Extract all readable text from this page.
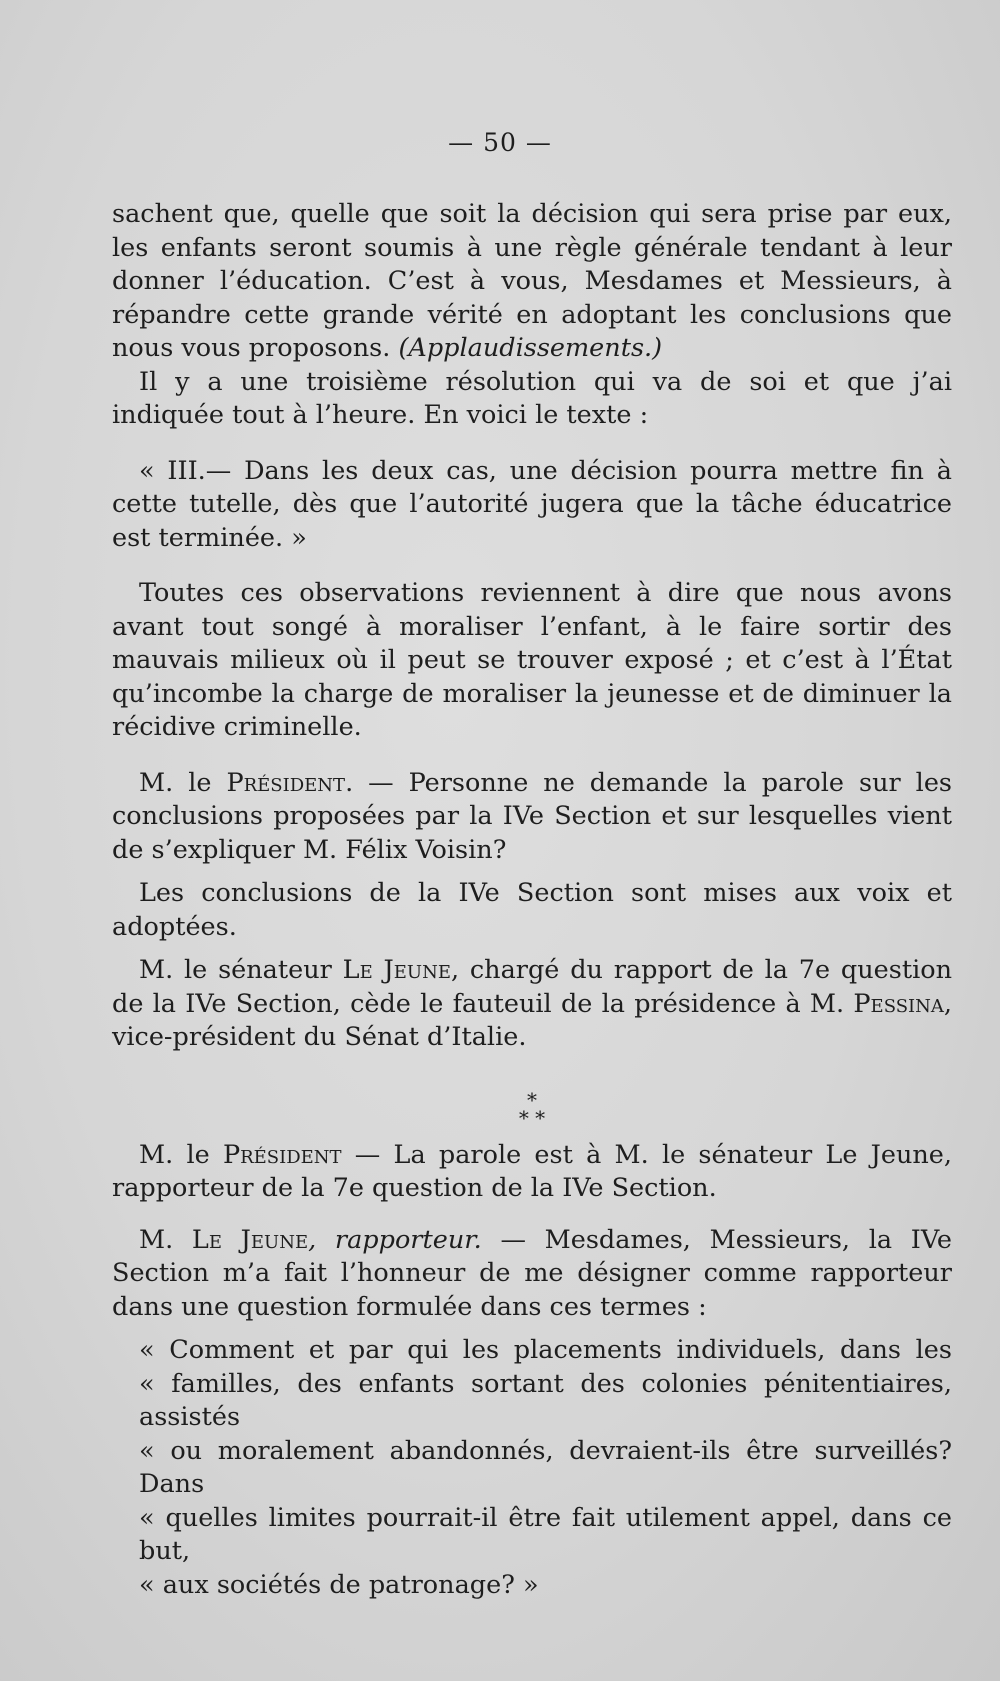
— 50 —

sachent que, quelle que soit la décision qui sera prise par eux, les enfants seront soumis à une règle générale tendant à leur donner l’éducation. C’est à vous, Mesdames et Messieurs, à répandre cette grande vérité en adoptant les conclusions que nous vous proposons. (Applaudissements.)

Il y a une troisième résolution qui va de soi et que j’ai indiquée tout à l’heure. En voici le texte :

« III.— Dans les deux cas, une décision pourra mettre fin à cette tutelle, dès que l’autorité jugera que la tâche éducatrice est terminée. »

Toutes ces observations reviennent à dire que nous avons avant tout songé à moraliser l’enfant, à le faire sortir des mauvais milieux où il peut se trouver exposé ; et c’est à l’État qu’incombe la charge de moraliser la jeunesse et de diminuer la récidive criminelle.

M. le Président. — Personne ne demande la parole sur les conclusions proposées par la IVe Section et sur lesquelles vient de s’expliquer M. Félix Voisin?

Les conclusions de la IVe Section sont mises aux voix et adoptées.

M. le sénateur Le Jeune, chargé du rapport de la 7e question de la IVe Section, cède le fauteuil de la présidence à M. Pessina, vice-président du Sénat d’Italie.

*
* *

M. le Président — La parole est à M. le sénateur Le Jeune, rapporteur de la 7e question de la IVe Section.

M. Le Jeune, rapporteur. — Mesdames, Messieurs, la IVe Section m’a fait l’honneur de me désigner comme rapporteur dans une question formulée dans ces termes :

« Comment et par qui les placements individuels, dans les

« familles, des enfants sortant des colonies pénitentiaires, assistés

« ou moralement abandonnés, devraient-ils être surveillés? Dans

« quelles limites pourrait-il être fait utilement appel, dans ce but,

« aux sociétés de patronage? »
